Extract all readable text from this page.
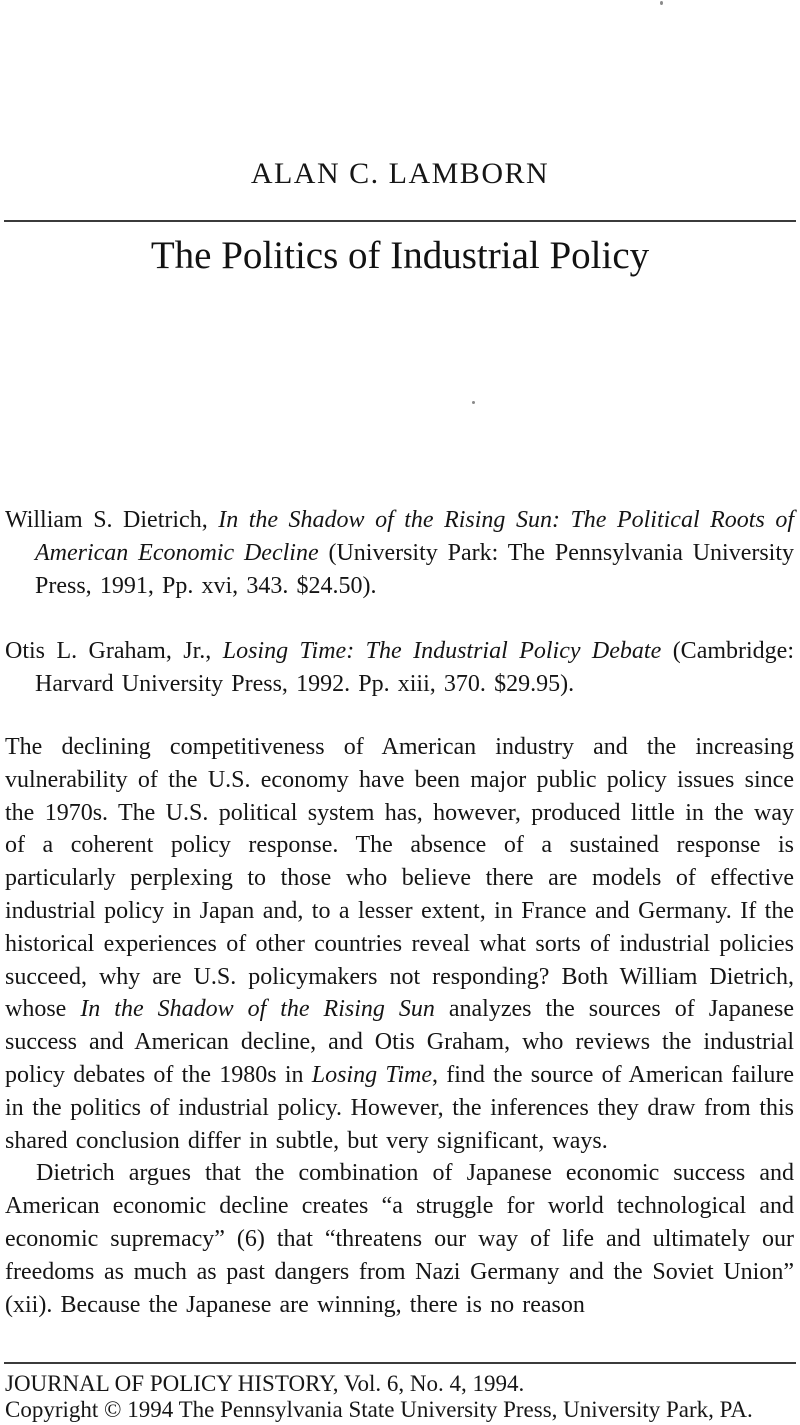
ALAN C. LAMBORN
The Politics of Industrial Policy

William S. Dietrich, In the Shadow of the Rising Sun: The Political Roots of American Economic Decline (University Park: The Pennsylvania University Press, 1991, Pp. xvi, 343. $24.50).

Otis L. Graham, Jr., Losing Time: The Industrial Policy Debate (Cambridge: Harvard University Press, 1992. Pp. xiii, 370. $29.95).

The declining competitiveness of American industry and the increasing vulnerability of the U.S. economy have been major public policy issues since the 1970s. The U.S. political system has, however, produced little in the way of a coherent policy response. The absence of a sustained response is particularly perplexing to those who believe there are models of effective industrial policy in Japan and, to a lesser extent, in France and Germany. If the historical experiences of other countries reveal what sorts of industrial policies succeed, why are U.S. policymakers not responding? Both William Dietrich, whose In the Shadow of the Rising Sun analyzes the sources of Japanese success and American decline, and Otis Graham, who reviews the industrial policy debates of the 1980s in Losing Time, find the source of American failure in the politics of industrial policy. However, the inferences they draw from this shared conclusion differ in subtle, but very significant, ways.

Dietrich argues that the combination of Japanese economic success and American economic decline creates “a struggle for world technological and economic supremacy” (6) that “threatens our way of life and ultimately our freedoms as much as past dangers from Nazi Germany and the Soviet Union” (xii). Because the Japanese are winning, there is no reason

JOURNAL OF POLICY HISTORY, Vol. 6, No. 4, 1994.
Copyright © 1994 The Pennsylvania State University Press, University Park, PA.
